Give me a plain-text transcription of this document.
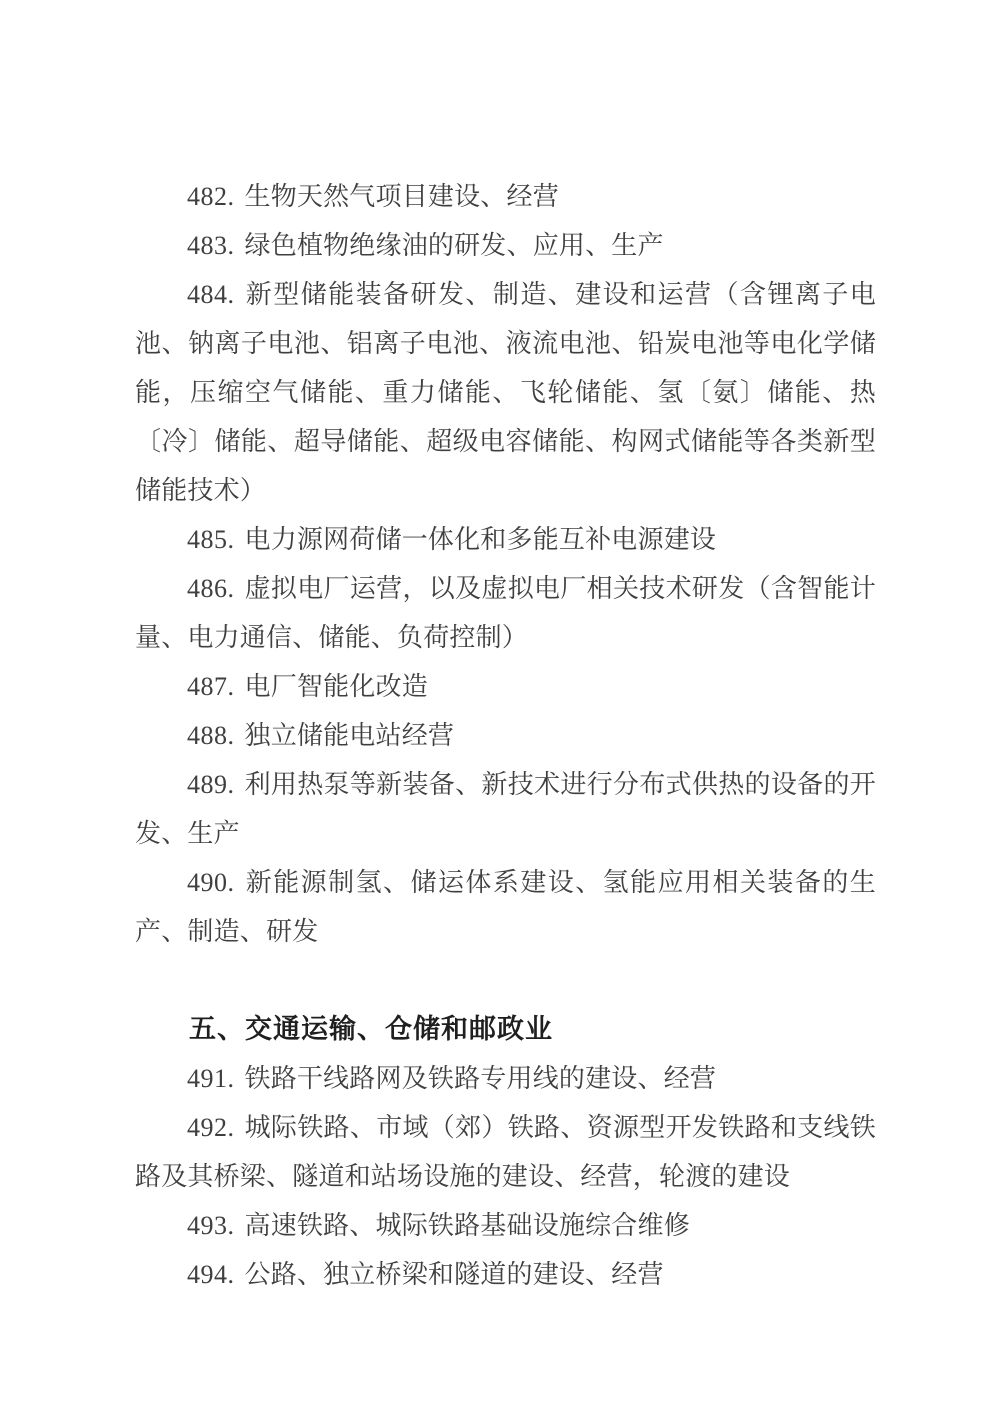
482. 生物天然气项目建设、经营

483. 绿色植物绝缘油的研发、应用、生产

484. 新型储能装备研发、制造、建设和运营（含锂离子电池、钠离子电池、铝离子电池、液流电池、铅炭电池等电化学储能，压缩空气储能、重力储能、飞轮储能、氢〔氨〕储能、热〔冷〕储能、超导储能、超级电容储能、构网式储能等各类新型储能技术）

485. 电力源网荷储一体化和多能互补电源建设

486. 虚拟电厂运营，以及虚拟电厂相关技术研发（含智能计量、电力通信、储能、负荷控制）

487. 电厂智能化改造

488. 独立储能电站经营

489. 利用热泵等新装备、新技术进行分布式供热的设备的开发、生产

490. 新能源制氢、储运体系建设、氢能应用相关装备的生产、制造、研发

五、交通运输、仓储和邮政业

491. 铁路干线路网及铁路专用线的建设、经营

492. 城际铁路、市域（郊）铁路、资源型开发铁路和支线铁路及其桥梁、隧道和站场设施的建设、经营，轮渡的建设

493. 高速铁路、城际铁路基础设施综合维修

494. 公路、独立桥梁和隧道的建设、经营
